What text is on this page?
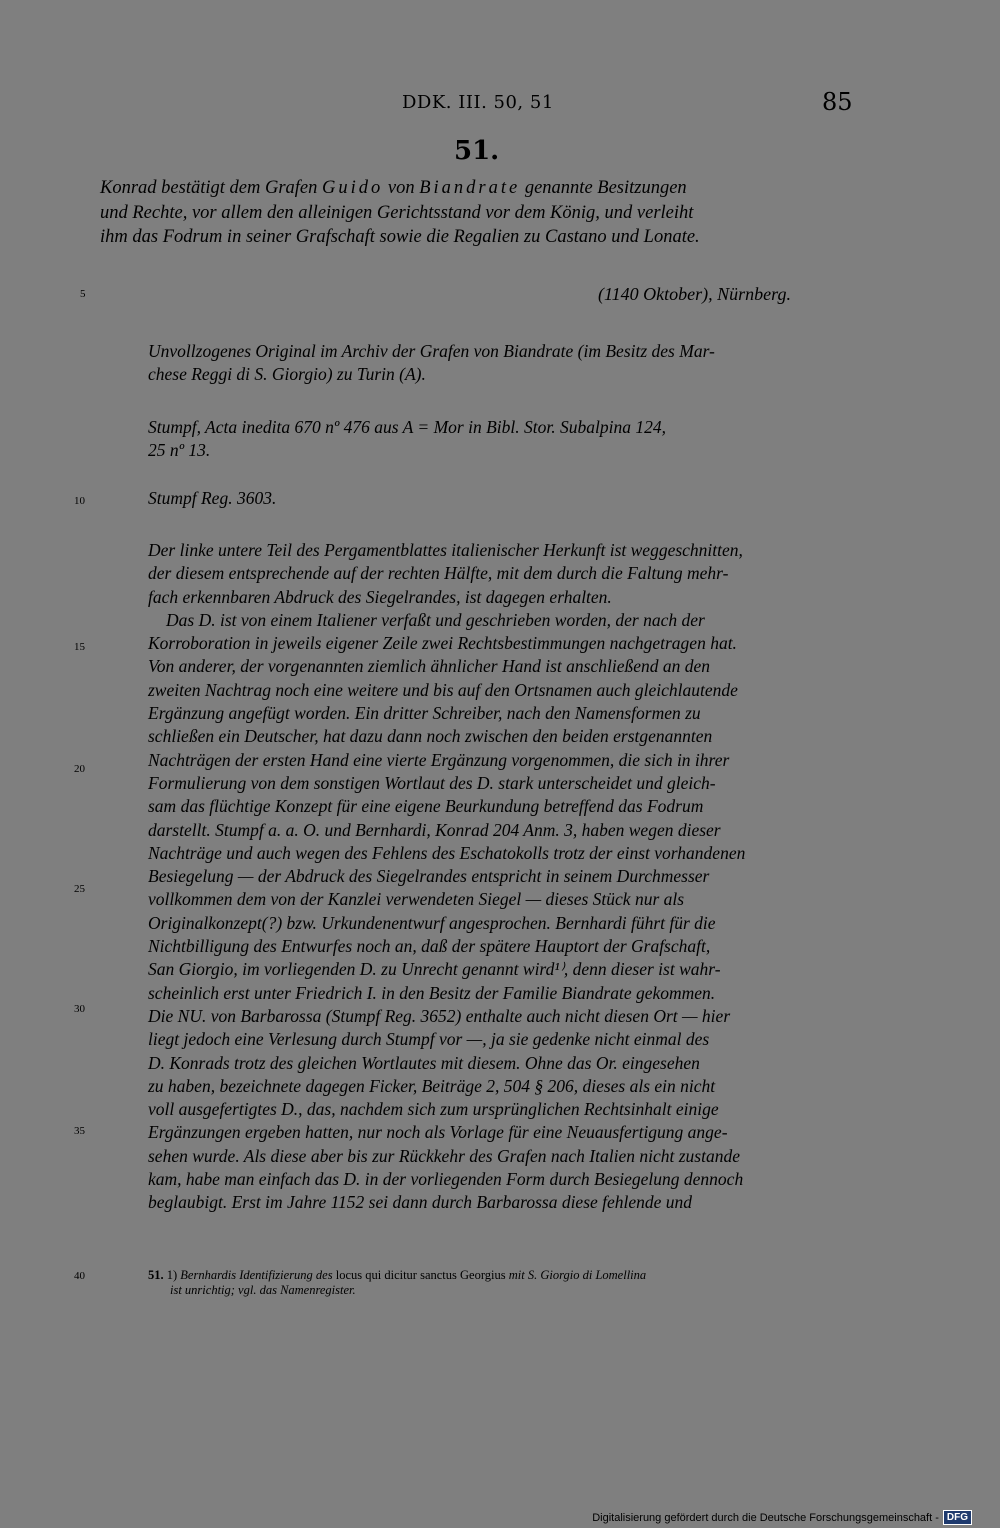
DDK. III. 50, 51	85
51.
Konrad bestätigt dem Grafen Guido von Biandrate genannte Besitzungen
und Rechte, vor allem den alleinigen Gerichtsstand vor dem König, und verleiht
ihm das Fodrum in seiner Grafschaft sowie die Regalien zu Castano und Lonate.
(1140 Oktober), Nürnberg.
5
10
15
20
25
30
35
40
Unvollzogenes Original im Archiv der Grafen von Biandrate (im Besitz des Mar-
chese Reggi di S. Giorgio) zu Turin (A).
Stumpf, Acta inedita 670 nº 476 aus A = Mor in Bibl. Stor. Subalpina 124,
25 nº 13.
Stumpf Reg. 3603.
Der linke untere Teil des Pergamentblattes italienischer Herkunft ist weggeschnitten,
der diesem entsprechende auf der rechten Hälfte, mit dem durch die Faltung mehr-
fach erkennbaren Abdruck des Siegelrandes, ist dagegen erhalten.
Das D. ist von einem Italiener verfaßt und geschrieben worden, der nach der
Korroboration in jeweils eigener Zeile zwei Rechtsbestimmungen nachgetragen hat.
Von anderer, der vorgenannten ziemlich ähnlicher Hand ist anschließend an den
zweiten Nachtrag noch eine weitere und bis auf den Ortsnamen auch gleichlautende
Ergänzung angefügt worden. Ein dritter Schreiber, nach den Namensformen zu
schließen ein Deutscher, hat dazu dann noch zwischen den beiden erstgenannten
Nachträgen der ersten Hand eine vierte Ergänzung vorgenommen, die sich in ihrer
Formulierung von dem sonstigen Wortlaut des D. stark unterscheidet und gleich-
sam das flüchtige Konzept für eine eigene Beurkundung betreffend das Fodrum
darstellt. Stumpf a. a. O. und Bernhardi, Konrad 204 Anm. 3, haben wegen dieser
Nachträge und auch wegen des Fehlens des Eschatokolls trotz der einst vorhandenen
Besiegelung — der Abdruck des Siegelrandes entspricht in seinem Durchmesser
vollkommen dem von der Kanzlei verwendeten Siegel — dieses Stück nur als
Originalkonzept(?) bzw. Urkundenentwurf angesprochen. Bernhardi führt für die
Nichtbilligung des Entwurfes noch an, daß der spätere Hauptort der Grafschaft,
San Giorgio, im vorliegenden D. zu Unrecht genannt wird¹⁾, denn dieser ist wahr-
scheinlich erst unter Friedrich I. in den Besitz der Familie Biandrate gekommen.
Die NU. von Barbarossa (Stumpf Reg. 3652) enthalte auch nicht diesen Ort — hier
liegt jedoch eine Verlesung durch Stumpf vor —, ja sie gedenke nicht einmal des
D. Konrads trotz des gleichen Wortlautes mit diesem. Ohne das Or. eingesehen
zu haben, bezeichnete dagegen Ficker, Beiträge 2, 504 § 206, dieses als ein nicht
voll ausgefertigtes D., das, nachdem sich zum ursprünglichen Rechtsinhalt einige
Ergänzungen ergeben hatten, nur noch als Vorlage für eine Neuausfertigung ange-
sehen wurde. Als diese aber bis zur Rückkehr des Grafen nach Italien nicht zustande
kam, habe man einfach das D. in der vorliegenden Form durch Besiegelung dennoch
beglaubigt. Erst im Jahre 1152 sei dann durch Barbarossa diese fehlende und
51. 1) Bernhardis Identifizierung des locus qui dicitur sanctus Georgius mit S. Giorgio di Lomellina
ist unrichtig; vgl. das Namenregister.
Digitalisierung gefördert durch die Deutsche Forschungsgemeinschaft - DFG
